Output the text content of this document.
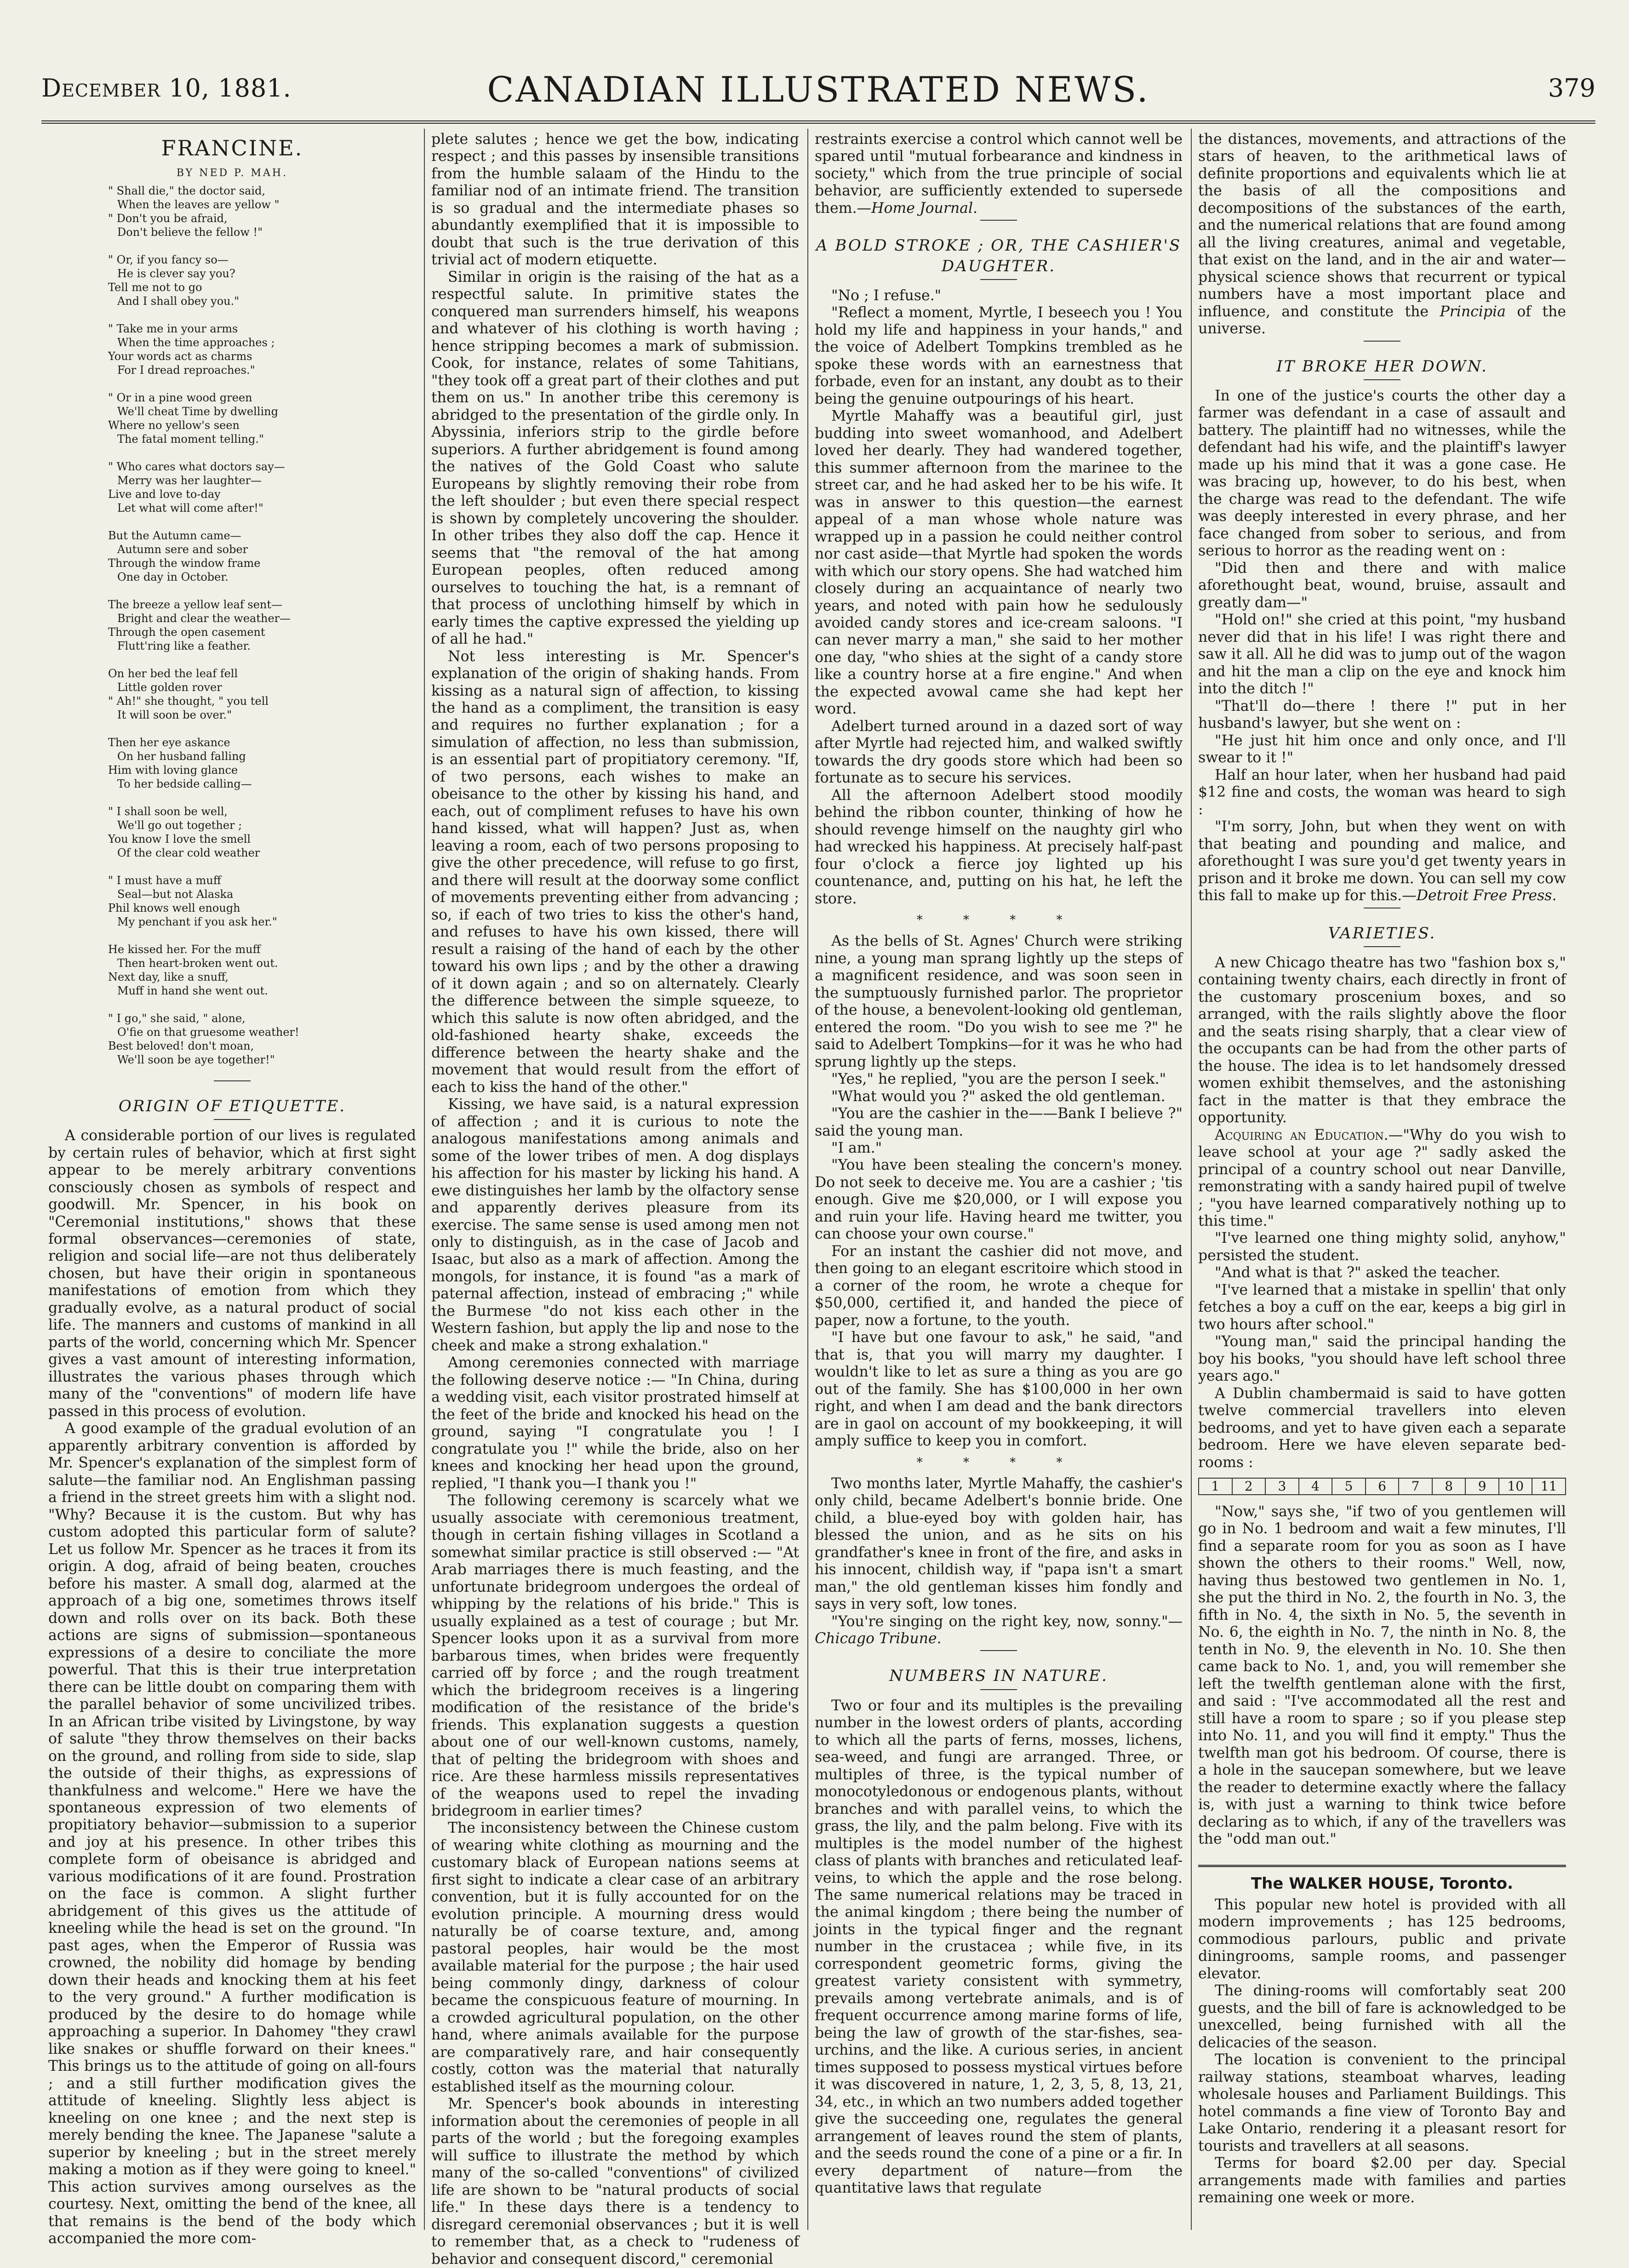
December 10, 1881.	CANADIAN ILLUSTRATED NEWS.	379
FRANCINE.
BY NED P. MAH.
" Shall die," the doctor said,
When the leaves are yellow "
" Don't you be afraid,
Don't believe the fellow !"
" Or, if you fancy so—
He is clever say you?
Tell me not to go
And I shall obey you."
" Take me in your arms
When the time approaches ;
Your words act as charms
For I dread reproaches."
" Or in a pine wood green
We'll cheat Time by dwelling
Where no yellow's seen
The fatal moment telling."
" Who cares what doctors say—
Merry was her laughter—
Live and love to-day
Let what will come after!"
But the Autumn came—
Autumn sere and sober
Through the window frame
One day in October.
The breeze a yellow leaf sent—
Bright and clear the weather—
Through the open casement
Flutt'ring like a feather.
On her bed the leaf fell
Little golden rover
" Ah!" she thought, " you tell
It will soon be over."
Then her eye askance
On her husband falling
Him with loving glance
To her bedside calling—
" I shall soon be well,
We'll go out together ;
You know I love the smell
Of the clear cold weather
" I must have a muff
Seal—but not Alaska
Phil knows well enough
My penchant if you ask her."
He kissed her. For the muff
Then heart-broken went out.
Next day, like a snuff,
Muff in hand she went out.
" I go," she said, " alone,
O'fie on that gruesome weather!
Best beloved! don't moan,
We'll soon be aye together!"
ORIGIN OF ETIQUETTE.

A considerable portion of our lives is regulated by certain rules of behavior, which at first sight appear to be merely arbitrary conventions consciously chosen as symbols of respect and goodwill. Mr. Spencer, in his book on "Ceremonial institutions," shows that these formal observances—ceremonies of state, religion and social life—are not thus deliberately chosen, but have their origin in spontaneous manifestations of emotion from which they gradually evolve, as a natural product of social life. The manners and customs of mankind in all parts of the world, concerning which Mr. Spencer gives a vast amount of interesting information, illustrates the various phases through which many of the "conventions" of modern life have passed in this process of evolution.

A good example of the gradual evolution of an apparently arbitrary convention is afforded by Mr. Spencer's explanation of the simplest form of salute—the familiar nod. An Englishman passing a friend in the street greets him with a slight nod. "Why? Because it is the custom. But why has custom adopted this particular form of salute? Let us follow Mr. Spencer as he traces it from its origin. A dog, afraid of being beaten, crouches before his master. A small dog, alarmed at the approach of a big one, sometimes throws itself down and rolls over on its back. Both these actions are signs of submission—spontaneous expressions of a desire to conciliate the more powerful. That this is their true interpretation there can be little doubt on comparing them with the parallel behavior of some uncivilized tribes. In an African tribe visited by Livingstone, by way of salute "they throw themselves on their backs on the ground, and rolling from side to side, slap the outside of their thighs, as expressions of thankfulness and welcome." Here we have the spontaneous expression of two elements of propitiatory behavior—submission to a superior and joy at his presence. In other tribes this complete form of obeisance is abridged and various modifications of it are found. Prostration on the face is common. A slight further abridgement of this gives us the attitude of kneeling while the head is set on the ground. "In past ages, when the Emperor of Russia was crowned, the nobility did homage by bending down their heads and knocking them at his feet to the very ground." A further modification is produced by the desire to do homage while approaching a superior. In Dahomey "they crawl like snakes or shuffle forward on their knees." This brings us to the attitude of going on all-fours ; and a still further modification gives the attitude of kneeling. Slightly less abject is kneeling on one knee ; and the next step is merely bending the knee. The Japanese "salute a superior by kneeling ; but in the street merely making a motion as if they were going to kneel." This action survives among ourselves as the courtesy. Next, omitting the bend of the knee, all that remains is the bend of the body which accompanied the more com-

plete salutes ; hence we get the bow, indicating respect ; and this passes by insensible transitions from the humble salaam of the Hindu to the familiar nod of an intimate friend. The transition is so gradual and the intermediate phases so abundantly exemplified that it is impossible to doubt that such is the true derivation of this trivial act of modern etiquette.

Similar in origin is the raising of the hat as a respectful salute. In primitive states the conquered man surrenders himself, his weapons and whatever of his clothing is worth having ; hence stripping becomes a mark of submission. Cook, for instance, relates of some Tahitians, "they took off a great part of their clothes and put them on us." In another tribe this ceremony is abridged to the presentation of the girdle only. In Abyssinia, inferiors strip to the girdle before superiors. A further abridgement is found among the natives of the Gold Coast who salute Europeans by slightly removing their robe from the left shoulder ; but even there special respect is shown by completely uncovering the shoulder. In other tribes they also doff the cap. Hence it seems that "the removal of the hat among European peoples, often reduced among ourselves to touching the hat, is a remnant of that process of unclothing himself by which in early times the captive expressed the yielding up of all he had."

Not less interesting is Mr. Spencer's explanation of the origin of shaking hands. From kissing as a natural sign of affection, to kissing the hand as a compliment, the transition is easy and requires no further explanation ; for a simulation of affection, no less than submission, is an essential part of propitiatory ceremony. "If, of two persons, each wishes to make an obeisance to the other by kissing his hand, and each, out of compliment refuses to have his own hand kissed, what will happen? Just as, when leaving a room, each of two persons proposing to give the other precedence, will refuse to go first, and there will result at the doorway some conflict of movements preventing either from advancing ; so, if each of two tries to kiss the other's hand, and refuses to have his own kissed, there will result a raising of the hand of each by the other toward his own lips ; and by the other a drawing of it down again ; and so on alternately. Clearly the difference between the simple squeeze, to which this salute is now often abridged, and the old-fashioned hearty shake, exceeds the difference between the hearty shake and the movement that would result from the effort of each to kiss the hand of the other."

Kissing, we have said, is a natural expression of affection ; and it is curious to note the analogous manifestations among animals and some of the lower tribes of men. A dog displays his affection for his master by licking his hand. A ewe distinguishes her lamb by the olfactory sense and apparently derives pleasure from its exercise. The same sense is used among men not only to distinguish, as in the case of Jacob and Isaac, but also as a mark of affection. Among the mongols, for instance, it is found "as a mark of paternal affection, instead of embracing ;" while the Burmese "do not kiss each other in the Western fashion, but apply the lip and nose to the cheek and make a strong exhalation."

Among ceremonies connected with marriage the following deserve notice :— "In China, during a wedding visit, each visitor prostrated himself at the feet of the bride and knocked his head on the ground, saying "I congratulate you ! I congratulate you !" while the bride, also on her knees and knocking her head upon the ground, replied, "I thank you—I thank you !"

The following ceremony is scarcely what we usually associate with ceremonious treatment, though in certain fishing villages in Scotland a somewhat similar practice is still observed :— "At Arab marriages there is much feasting, and the unfortunate bridegroom undergoes the ordeal of whipping by the relations of his bride." This is usually explained as a test of courage ; but Mr. Spencer looks upon it as a survival from more barbarous times, when brides were frequently carried off by force ; and the rough treatment which the bridegroom receives is a lingering modification of the resistance of the bride's friends. This explanation suggests a question about one of our well-known customs, namely, that of pelting the bridegroom with shoes and rice. Are these harmless missils representatives of the weapons used to repel the invading bridegroom in earlier times?

The inconsistency between the Chinese custom of wearing white clothing as mourning and the customary black of European nations seems at first sight to indicate a clear case of an arbitrary convention, but it is fully accounted for on the evolution principle. A mourning dress would naturally be of coarse texture, and, among pastoral peoples, hair would be the most available material for the purpose ; the hair used being commonly dingy, darkness of colour became the conspicuous feature of mourning. In a crowded agricultural population, on the other hand, where animals available for the purpose are comparatively rare, and hair consequently costly, cotton was the material that naturally established itself as the mourning colour.

Mr. Spencer's book abounds in interesting information about the ceremonies of people in all parts of the world ; but the foregoing examples will suffice to illustrate the method by which many of the so-called "conventions" of civilized life are shown to be "natural products of social life." In these days there is a tendency to disregard ceremonial observances ; but it is well to remember that, as a check to "rudeness of behavior and consequent discord," ceremonial

restraints exercise a control which cannot well be spared until "mutual forbearance and kindness in society," which from the true principle of social behavior, are sufficiently extended to supersede them.—Home Journal.

A BOLD STROKE ; OR, THE CASHIER'S DAUGHTER.

"No ; I refuse."

"Reflect a moment, Myrtle, I beseech you ! You hold my life and happiness in your hands," and the voice of Adelbert Tompkins trembled as he spoke these words with an earnestness that forbade, even for an instant, any doubt as to their being the genuine outpourings of his heart.

Myrtle Mahaffy was a beautiful girl, just budding into sweet womanhood, and Adelbert loved her dearly. They had wandered together, this summer afternoon from the marinee to the street car, and he had asked her to be his wife. It was in answer to this question—the earnest appeal of a man whose whole nature was wrapped up in a passion he could neither control nor cast aside—that Myrtle had spoken the words with which our story opens. She had watched him closely during an acquaintance of nearly two years, and noted with pain how he sedulously avoided candy stores and ice-cream saloons. "I can never marry a man," she said to her mother one day, "who shies at the sight of a candy store like a country horse at a fire engine." And when the expected avowal came she had kept her word.

Adelbert turned around in a dazed sort of way after Myrtle had rejected him, and walked swiftly towards the dry goods store which had been so fortunate as to secure his services.

All the afternoon Adelbert stood moodily behind the ribbon counter, thinking of how he should revenge himself on the naughty girl who had wrecked his happiness. At precisely half-past four o'clock a fierce joy lighted up his countenance, and, putting on his hat, he left the store.

* * * *

As the bells of St. Agnes' Church were striking nine, a young man sprang lightly up the steps of a magnificent residence, and was soon seen in the sumptuously furnished parlor. The proprietor of the house, a benevolent-looking old gentleman, entered the room. "Do you wish to see me ?" he said to Adelbert Tompkins—for it was he who had sprung lightly up the steps.

"Yes," he replied, "you are the person I seek."

"What would you ?" asked the old gentleman.

"You are the cashier in the——Bank I believe ?" said the young man.

"I am."

"You have been stealing the concern's money. Do not seek to deceive me. You are a cashier ; 'tis enough. Give me $20,000, or I will expose you and ruin your life. Having heard me twitter, you can choose your own course."

For an instant the cashier did not move, and then going to an elegant escritoire which stood in a corner of the room, he wrote a cheque for $50,000, certified it, and handed the piece of paper, now a fortune, to the youth.

"I have but one favour to ask," he said, "and that is, that you will marry my daughter. I wouldn't like to let as sure a thing as you are go out of the family. She has $100,000 in her own right, and when I am dead and the bank directors are in gaol on account of my bookkeeping, it will amply suffice to keep you in comfort.

* * * *

Two months later, Myrtle Mahaffy, the cashier's only child, became Adelbert's bonnie bride. One child, a blue-eyed boy with golden hair, has blessed the union, and as he sits on his grandfather's knee in front of the fire, and asks in his innocent, childish way, if "papa isn't a smart man," the old gentleman kisses him fondly and says in very soft, low tones.

"You're singing on the right key, now, sonny."—Chicago Tribune.

NUMBERS IN NATURE.

Two or four and its multiples is the prevailing number in the lowest orders of plants, according to which all the parts of ferns, mosses, lichens, sea-weed, and fungi are arranged. Three, or multiples of three, is the typical number of monocotyledonous or endogenous plants, without branches and with parallel veins, to which the grass, the lily, and the palm belong. Five with its multiples is the model number of the highest class of plants with branches and reticulated leaf-veins, to which the apple and the rose belong. The same numerical relations may be traced in the animal kingdom ; there being the number of joints in the typical finger and the regnant number in the crustacea ; while five, in its correspondent geometric forms, giving the greatest variety consistent with symmetry, prevails among vertebrate animals, and is of frequent occurrence among marine forms of life, being the law of growth of the star-fishes, sea-urchins, and the like. A curious series, in ancient times supposed to possess mystical virtues before it was discovered in nature, 1, 2, 3, 5, 8, 13, 21, 34, etc., in which an two numbers added together give the succeeding one, regulates the general arrangement of leaves round the stem of plants, and the seeds round the cone of a pine or a fir. In every department of nature—from the quantitative laws that regulate

the distances, movements, and attractions of the stars of heaven, to the arithmetical laws of definite proportions and equivalents which lie at the basis of all the compositions and decompositions of the substances of the earth, and the numerical relations that are found among all the living creatures, animal and vegetable, that exist on the land, and in the air and water—physical science shows that recurrent or typical numbers have a most important place and influence, and constitute the Principia of the universe.

IT BROKE HER DOWN.

In one of the justice's courts the other day a farmer was defendant in a case of assault and battery. The plaintiff had no witnesses, while the defendant had his wife, and the plaintiff's lawyer made up his mind that it was a gone case. He was bracing up, however, to do his best, when the charge was read to the defendant. The wife was deeply interested in every phrase, and her face changed from sober to serious, and from serious to horror as the reading went on :

"Did then and there and with malice aforethought beat, wound, bruise, assault and greatly dam—"

"Hold on!" she cried at this point, "my husband never did that in his life! I was right there and saw it all. All he did was to jump out of the wagon and hit the man a clip on the eye and knock him into the ditch !"

"That'll do—there ! there !" put in her husband's lawyer, but she went on :

"He just hit him once and only once, and I'll swear to it !"

Half an hour later, when her husband had paid $12 fine and costs, the woman was heard to sigh :

"I'm sorry, John, but when they went on with that beating and pounding and malice, and aforethought I was sure you'd get twenty years in prison and it broke me down. You can sell my cow this fall to make up for this.—Detroit Free Press.

VARIETIES.

A new Chicago theatre has two "fashion box s," containing twenty chairs, each directly in front of the customary proscenium boxes, and so arranged, with the rails slightly above the floor and the seats rising sharply, that a clear view of the occupants can be had from the other parts of the house. The idea is to let handsomely dressed women exhibit themselves, and the astonishing fact in the matter is that they embrace the opportunity.

Acquiring an Education.—"Why do you wish to leave school at your age ?" sadly asked the principal of a country school out near Danville, remonstrating with a sandy haired pupil of twelve ; "you have learned comparatively nothing up to this time."

"I've learned one thing mighty solid, anyhow," persisted the student.

"And what is that ?" asked the teacher.

"I've learned that a mistake in spellin' that only fetches a boy a cuff on the ear, keeps a big girl in two hours after school."

"Young man," said the principal handing the boy his books, "you should have left school three years ago."

A Dublin chambermaid is said to have gotten twelve commercial travellers into eleven bedrooms, and yet to have given each a separate bedroom. Here we have eleven separate bed-rooms :

1	2	3	4	5	6	7	8	9	10	11

"Now," says she, "if two of you gentlemen will go in No. 1 bedroom and wait a few minutes, I'll find a separate room for you as soon as I have shown the others to their rooms." Well, now, having thus bestowed two gentlemen in No. 1, she put the third in No. 2, the fourth in No. 3, the fifth in No. 4, the sixth in No. 5, the seventh in No. 6, the eighth in No. 7, the ninth in No. 8, the tenth in No. 9, the eleventh in No. 10. She then came back to No. 1, and, you will remember she left the twelfth gentleman alone with the first, and said : "I've accommodated all the rest and still have a room to spare ; so if you please step into No. 11, and you will find it empty." Thus the twelfth man got his bedroom. Of course, there is a hole in the saucepan somewhere, but we leave the reader to determine exactly where the fallacy is, with just a warning to think twice before declaring as to which, if any of the travellers was the "odd man out."

The WALKER HOUSE, Toronto.

This popular new hotel is provided with all modern improvements ; has 125 bedrooms, commodious parlours, public and private diningrooms, sample rooms, and passenger elevator.

The dining-rooms will comfortably seat 200 guests, and the bill of fare is acknowledged to be unexcelled, being furnished with all the delicacies of the season.

The location is convenient to the principal railway stations, steamboat wharves, leading wholesale houses and Parliament Buildings. This hotel commands a fine view of Toronto Bay and Lake Ontario, rendering it a pleasant resort for tourists and travellers at all seasons.

Terms for board $2.00 per day. Special arrangements made with families and parties remaining one week or more.
